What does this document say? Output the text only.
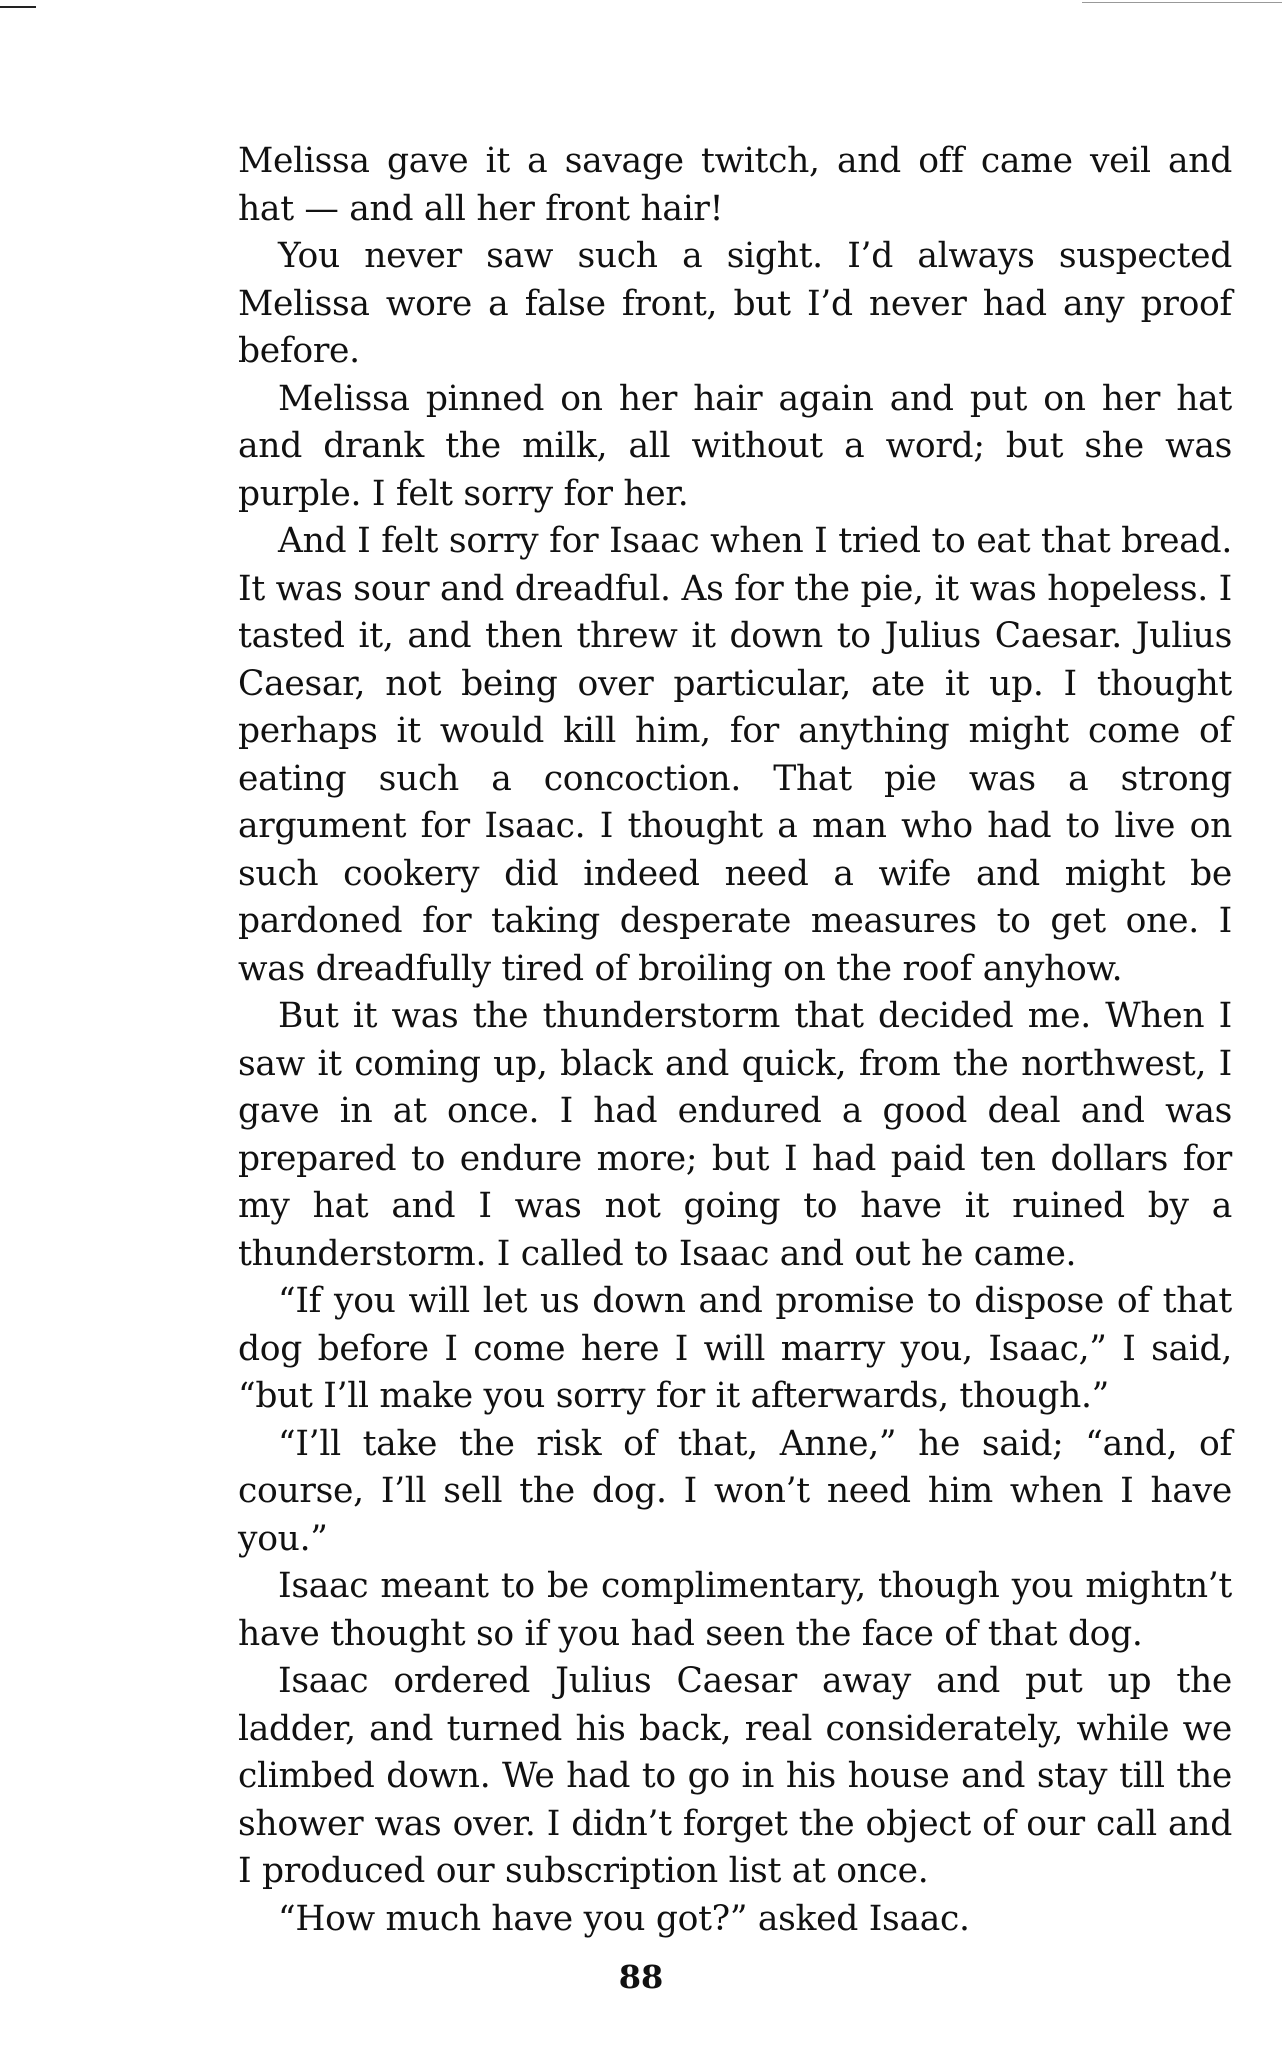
Melissa gave it a savage twitch, and off came veil and hat — and all her front hair!

You never saw such a sight. I’d always suspected Melissa wore a false front, but I’d never had any proof before.

Melissa pinned on her hair again and put on her hat and drank the milk, all without a word; but she was purple. I felt sorry for her.

And I felt sorry for Isaac when I tried to eat that bread. It was sour and dreadful. As for the pie, it was hopeless. I tasted it, and then threw it down to Julius Caesar. Julius Caesar, not being over particular, ate it up. I thought perhaps it would kill him, for anything might come of eating such a concoction. That pie was a strong argument for Isaac. I thought a man who had to live on such cookery did indeed need a wife and might be pardoned for taking desperate measures to get one. I was dreadfully tired of broiling on the roof anyhow.

But it was the thunderstorm that decided me. When I saw it coming up, black and quick, from the northwest, I gave in at once. I had endured a good deal and was prepared to endure more; but I had paid ten dollars for my hat and I was not going to have it ruined by a thunderstorm. I called to Isaac and out he came.

“If you will let us down and promise to dispose of that dog before I come here I will marry you, Isaac,” I said, “but I’ll make you sorry for it afterwards, though.”

“I’ll take the risk of that, Anne,” he said; “and, of course, I’ll sell the dog. I won’t need him when I have you.”

Isaac meant to be complimentary, though you mightn’t have thought so if you had seen the face of that dog.

Isaac ordered Julius Caesar away and put up the ladder, and turned his back, real considerately, while we climbed down. We had to go in his house and stay till the shower was over. I didn’t forget the object of our call and I produced our subscription list at once.

“How much have you got?” asked Isaac.

88
